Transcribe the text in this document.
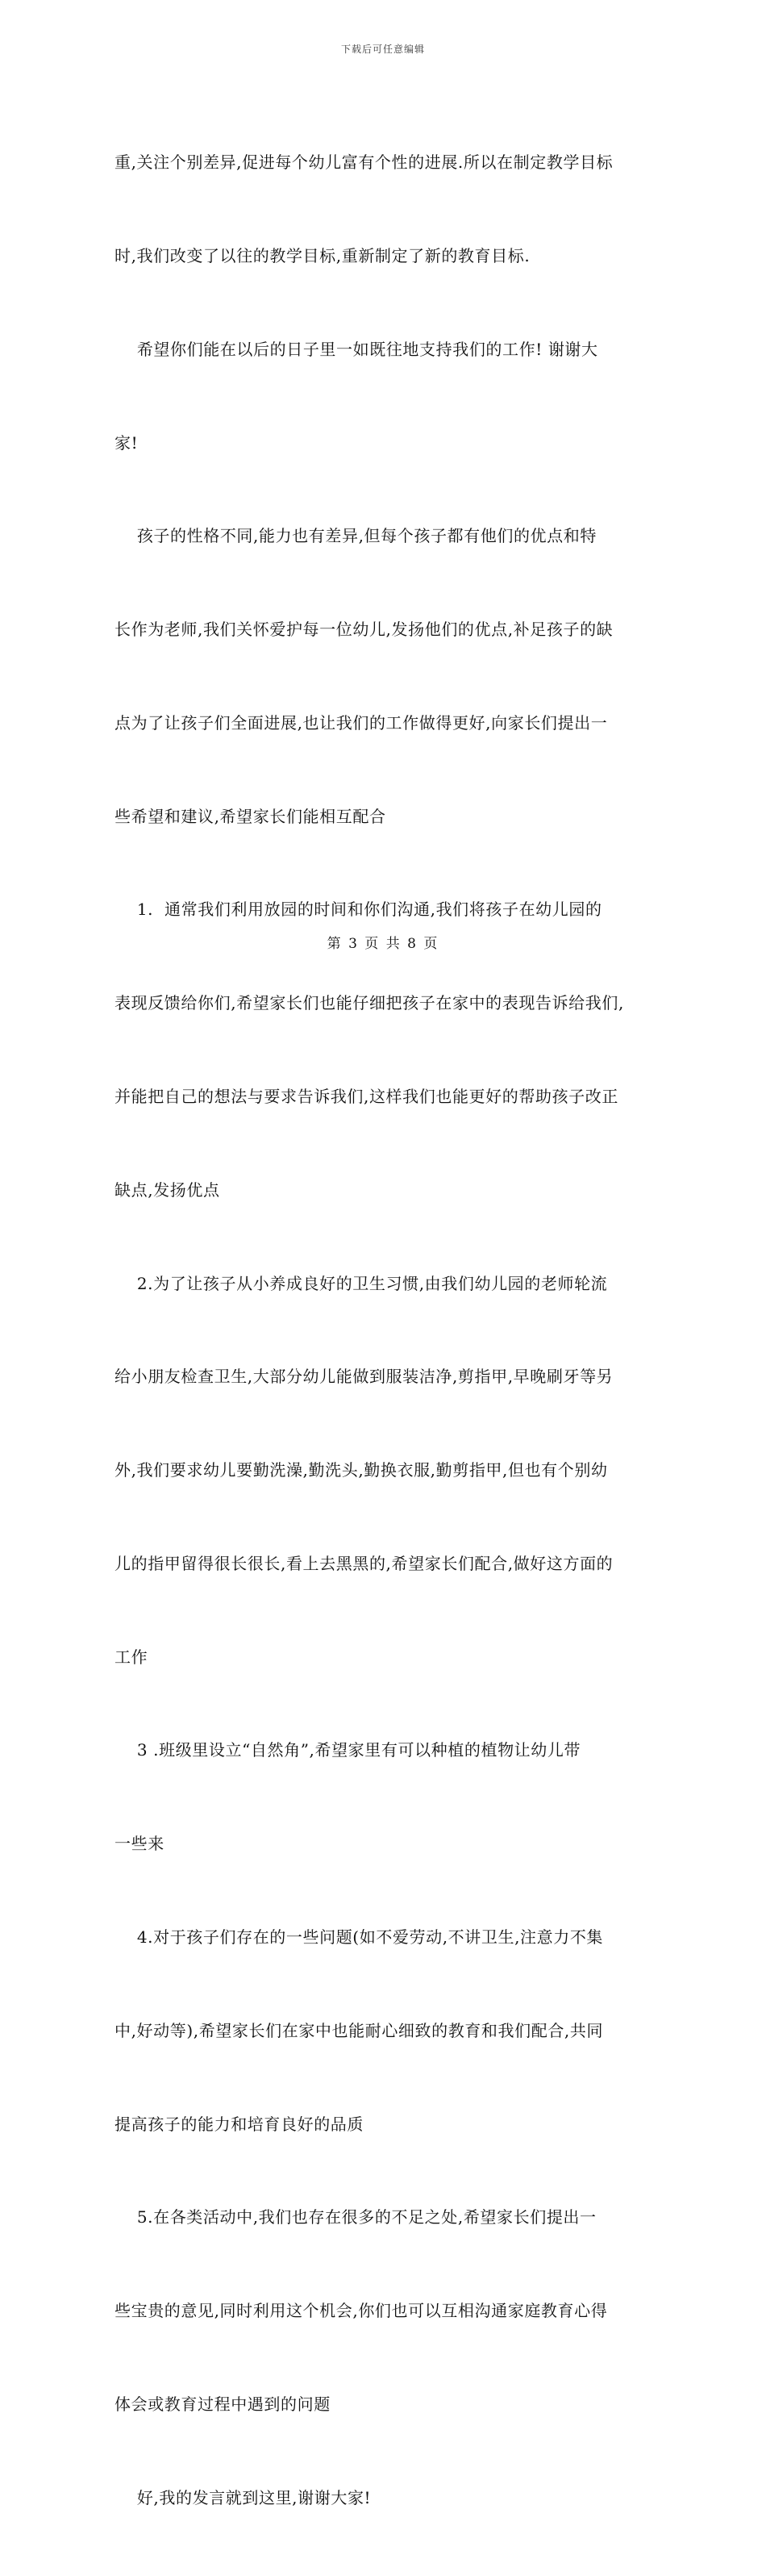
下载后可任意编辑

重,关注个别差异,促进每个幼儿富有个性的进展.所以在制定教学目标

时,我们改变了以往的教学目标,重新制定了新的教育目标.

希望你们能在以后的日子里一如既往地支持我们的工作! 谢谢大

家!

孩子的性格不同,能力也有差异,但每个孩子都有他们的优点和特

长作为老师,我们关怀爱护每一位幼儿,发扬他们的优点,补足孩子的缺

点为了让孩子们全面进展,也让我们的工作做得更好,向家长们提出一

些希望和建议,希望家长们能相互配合

1.  通常我们利用放园的时间和你们沟通,我们将孩子在幼儿园的

表现反馈给你们,希望家长们也能仔细把孩子在家中的表现告诉给我们,

并能把自己的想法与要求告诉我们,这样我们也能更好的帮助孩子改正

缺点,发扬优点

2.为了让孩子从小养成良好的卫生习惯,由我们幼儿园的老师轮流

给小朋友检查卫生,大部分幼儿能做到服装洁净,剪指甲,早晚刷牙等另

外,我们要求幼儿要勤洗澡,勤洗头,勤换衣服,勤剪指甲,但也有个别幼

儿的指甲留得很长很长,看上去黑黑的,希望家长们配合,做好这方面的

工作

3 .班级里设立“自然角”,希望家里有可以种植的植物让幼儿带

一些来

4.对于孩子们存在的一些问题(如不爱劳动,不讲卫生,注意力不集

中,好动等),希望家长们在家中也能耐心细致的教育和我们配合,共同

提高孩子的能力和培育良好的品质

5.在各类活动中,我们也存在很多的不足之处,希望家长们提出一

些宝贵的意见,同时利用这个机会,你们也可以互相沟通家庭教育心得

体会或教育过程中遇到的问题

好,我的发言就到这里,谢谢大家!

第 3 页 共 8 页
